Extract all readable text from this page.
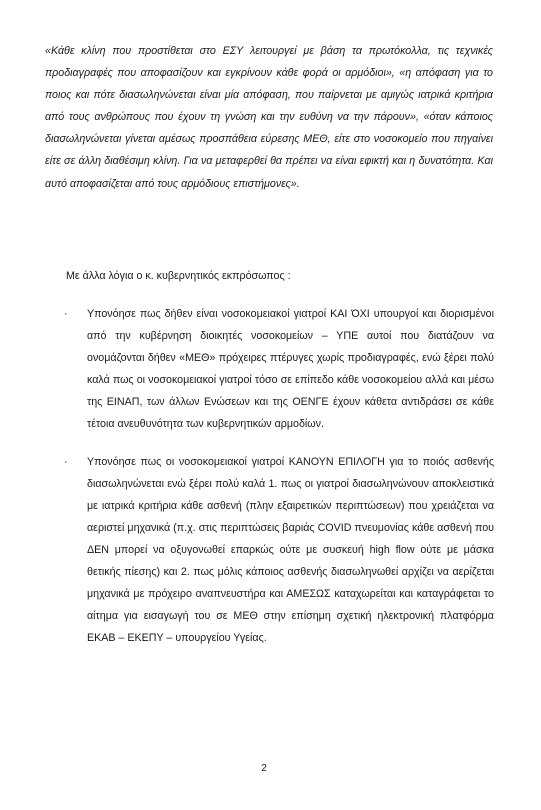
«Κάθε κλίνη που προστίθεται στο ΕΣΥ λειτουργεί με βάση τα πρωτόκολλα, τις τεχνικές προδιαγραφές που αποφασίζουν και εγκρίνουν κάθε φορά οι αρμόδιοι», «η απόφαση για το ποιος και πότε διασωληνώνεται είναι μία απόφαση, που παίρνεται με αμιγώς ιατρικά κριτήρια από τους ανθρώπους που έχουν τη γνώση και την ευθύνη να την πάρουν», «όταν κάποιος διασωληνώνεται γίνεται αμέσως προσπάθεια εύρεσης ΜΕΘ, είτε στο νοσοκομείο που πηγαίνει είτε σε άλλη διαθέσιμη κλίνη. Για να μεταφερθεί θα πρέπει να είναι εφικτή και η δυνατότητα. Και αυτό αποφασίζεται από τους αρμόδιους επιστήμονες».

Με άλλα λόγια ο κ. κυβερνητικός εκπρόσωπος :

·	Υπονόησε πως δήθεν είναι νοσοκομειακοί γιατροί ΚΑΙ ΌΧΙ υπουργοί και διορισμένοι από την κυβέρνηση διοικητές νοσοκομείων – ΥΠΕ αυτοί που διατάζουν να ονομάζονται δήθεν «ΜΕΘ» πρόχειρες πτέρυγες χωρίς προδιαγραφές, ενώ ξέρει πολύ καλά πως οι νοσοκομειακοί γιατροί τόσο σε επίπεδο κάθε νοσοκομείου αλλά και μέσω της ΕΙΝΑΠ, των άλλων Ενώσεων και της ΟΕΝΓΕ έχουν κάθετα αντιδράσει σε κάθε τέτοια ανευθυνότητα των κυβερνητικών αρμοδίων.
·	Υπονόησε πως οι νοσοκομειακοί γιατροί ΚΑΝΟΥΝ ΕΠΙΛΟΓΗ για το ποιός ασθενής διασωληνώνεται ενώ ξέρει πολύ καλά 1. πως οι γιατροί διασωληνώνουν αποκλειστικά με ιατρικά κριτήρια κάθε ασθενή (πλην εξαιρετικών περιπτώσεων) που χρειάζεται να αεριστεί μηχανικά (π.χ. στις περιπτώσεις βαριάς COVID πνευμονίας κάθε ασθενή που ΔΕΝ μπορεί να οξυγονωθεί επαρκώς ούτε με συσκευή high flow ούτε με μάσκα θετικής πίεσης) και 2. πως μόλις κάποιος ασθενής διασωληνωθεί αρχίζει να αερίζεται μηχανικά με πρόχειρο αναπνευστήρα και ΑΜΕΣΩΣ καταχωρείται και καταγράφεται το αίτημα για εισαγωγή του σε ΜΕΘ στην επίσημη σχετική ηλεκτρονική πλατφόρμα ΕΚΑΒ – ΕΚΕΠΥ – υπουργείου Υγείας.
2
